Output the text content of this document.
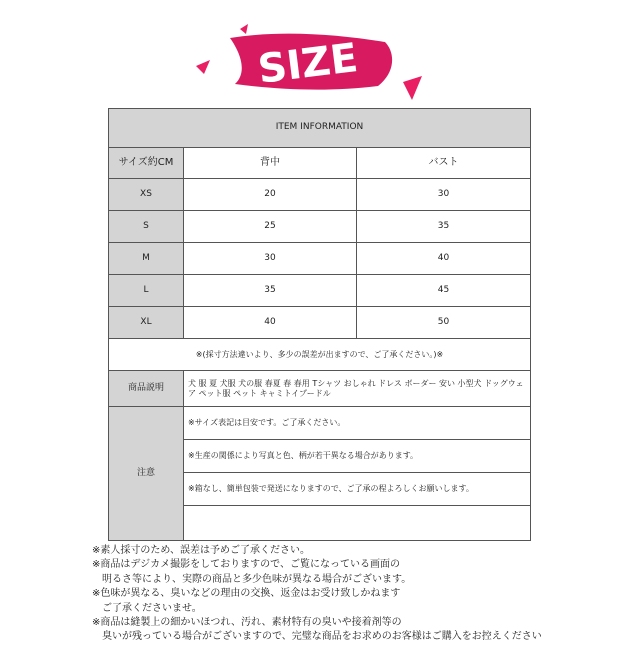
SIZE
ITEM INFORMATION		
サイズ約CM	背中	バスト
XS	20	30
S	25	35
M	30	40
L	35	45
XL	40	50
※(採寸方法違いより、多少の誤差が出ますので、ご了承ください。)※		
商品説明	犬 服 夏 犬服 犬の服 春夏 春 春用 Tシャツ おしゃれ ドレス ボーダー 安い 小型犬 ドッグウェア ペット服 ペット キャミトイプードル	
注意	※サイズ表記は目安です。ご了承ください。	
	※生産の関係により写真と色、柄が若干異なる場合があります。	
	※箱なし、簡単包装で発送になりますので、ご了承の程よろしくお願いします。	

※素人採寸のため、誤差は予めご了承ください。

※商品はデジカメ撮影をしておりますので、ご覧になっている画面の

明るさ等により、実際の商品と多少色味が異なる場合がございます。

※色味が異なる、臭いなどの理由の交換、返金はお受け致しかねます

ご了承くださいませ。

※商品は縫製上の細かいほつれ、汚れ、素材特有の臭いや接着剤等の

臭いが残っている場合がございますので、完璧な商品をお求めのお客様はご購入をお控えください
